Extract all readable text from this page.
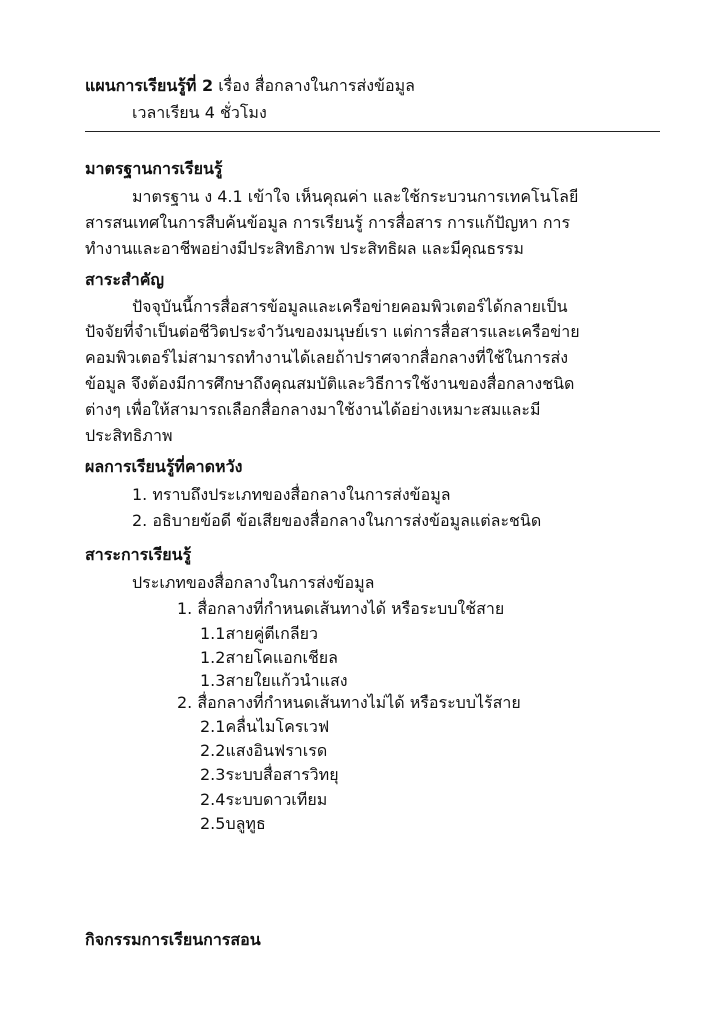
แผนการเรียนรู้ที่ 2 เรื่อง สื่อกลางในการส่งข้อมูล
เวลาเรียน 4 ชั่วโมง
มาตรฐานการเรียนรู้
มาตรฐาน ง 4.1 เข้าใจ เห็นคุณค่า และใช้กระบวนการเทคโนโลยี
สารสนเทศในการสืบค้นข้อมูล การเรียนรู้ การสื่อสาร การแก้ปัญหา การ
ทำงานและอาชีพอย่างมีประสิทธิภาพ ประสิทธิผล และมีคุณธรรม
สาระสำคัญ
ปัจจุบันนี้การสื่อสารข้อมูลและเครือข่ายคอมพิวเตอร์ได้กลายเป็น
ปัจจัยที่จำเป็นต่อชีวิตประจำวันของมนุษย์เรา แต่การสื่อสารและเครือข่าย
คอมพิวเตอร์ไม่สามารถทำงานได้เลยถ้าปราศจากสื่อกลางที่ใช้ในการส่ง
ข้อมูล จึงต้องมีการศึกษาถึงคุณสมบัติและวิธีการใช้งานของสื่อกลางชนิด
ต่างๆ เพื่อให้สามารถเลือกสื่อกลางมาใช้งานได้อย่างเหมาะสมและมี
ประสิทธิภาพ
ผลการเรียนรู้ที่คาดหวัง
1. ทราบถึงประเภทของสื่อกลางในการส่งข้อมูล
2. อธิบายข้อดี ข้อเสียของสื่อกลางในการส่งข้อมูลแต่ละชนิด
สาระการเรียนรู้
ประเภทของสื่อกลางในการส่งข้อมูล
1. สื่อกลางที่กำหนดเส้นทางได้ หรือระบบใช้สาย
1.1สายคู่ตีเกลียว
1.2สายโคแอกเชียล
1.3สายใยแก้วนำแสง
2. สื่อกลางที่กำหนดเส้นทางไม่ได้ หรือระบบไร้สาย
2.1คลื่นไมโครเวฟ
2.2แสงอินฟราเรด
2.3ระบบสื่อสารวิทยุ
2.4ระบบดาวเทียม
2.5บลูทูธ
กิจกรรมการเรียนการสอน
